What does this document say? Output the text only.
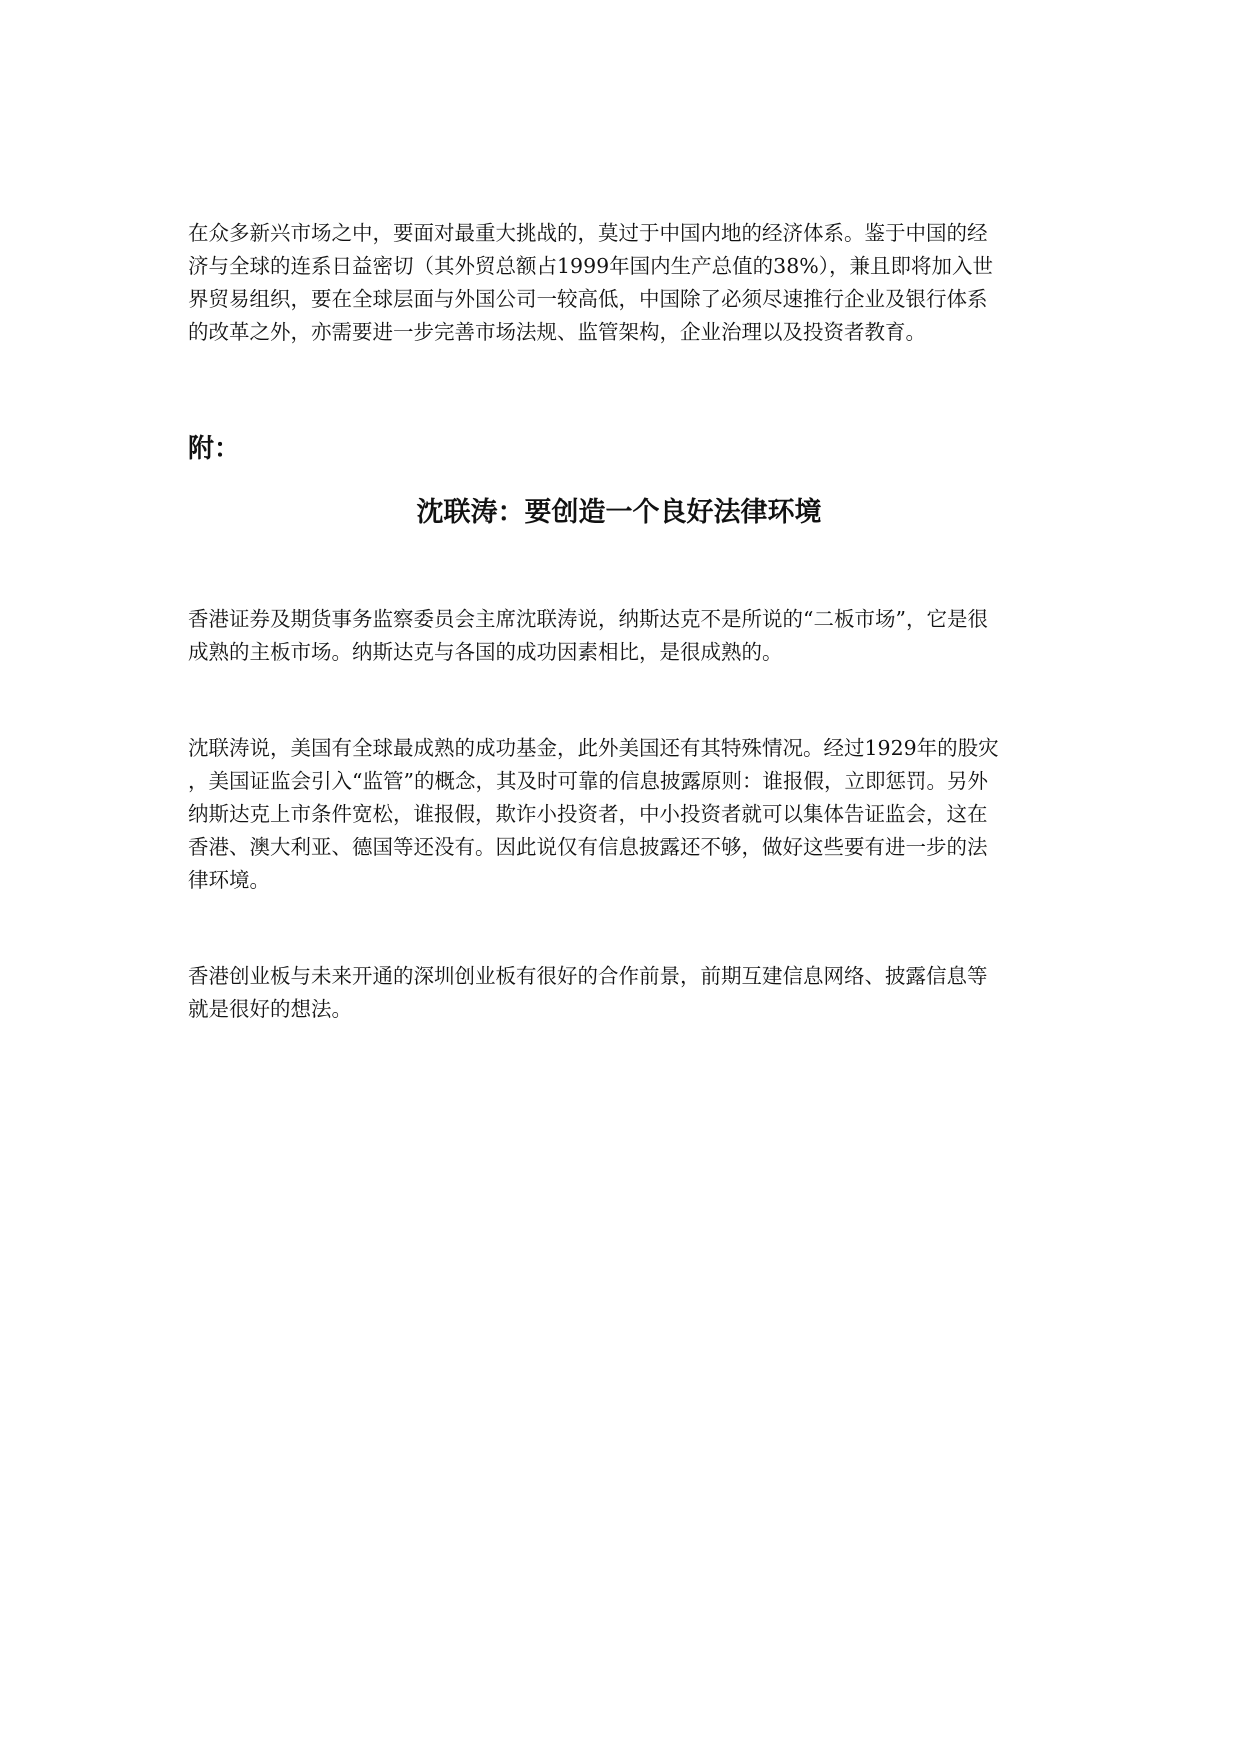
在众多新兴市场之中，要面对最重大挑战的，莫过于中国内地的经济体系。鉴于中国的经
济与全球的连系日益密切（其外贸总额占1999年国内生产总值的38%），兼且即将加入世
界贸易组织，要在全球层面与外国公司一较高低，中国除了必须尽速推行企业及银行体系
的改革之外，亦需要进一步完善市场法规、监管架构，企业治理以及投资者教育。

附：
沈联涛：要创造一个良好法律环境

香港证券及期货事务监察委员会主席沈联涛说，纳斯达克不是所说的“二板市场”，它是很
成熟的主板市场。纳斯达克与各国的成功因素相比，是很成熟的。

沈联涛说，美国有全球最成熟的成功基金，此外美国还有其特殊情况。经过1929年的股灾
，美国证监会引入“监管”的概念，其及时可靠的信息披露原则：谁报假，立即惩罚。另外
纳斯达克上市条件宽松，谁报假，欺诈小投资者，中小投资者就可以集体告证监会，这在
香港、澳大利亚、德国等还没有。因此说仅有信息披露还不够，做好这些要有进一步的法
律环境。

香港创业板与未来开通的深圳创业板有很好的合作前景，前期互建信息网络、披露信息等
就是很好的想法。
